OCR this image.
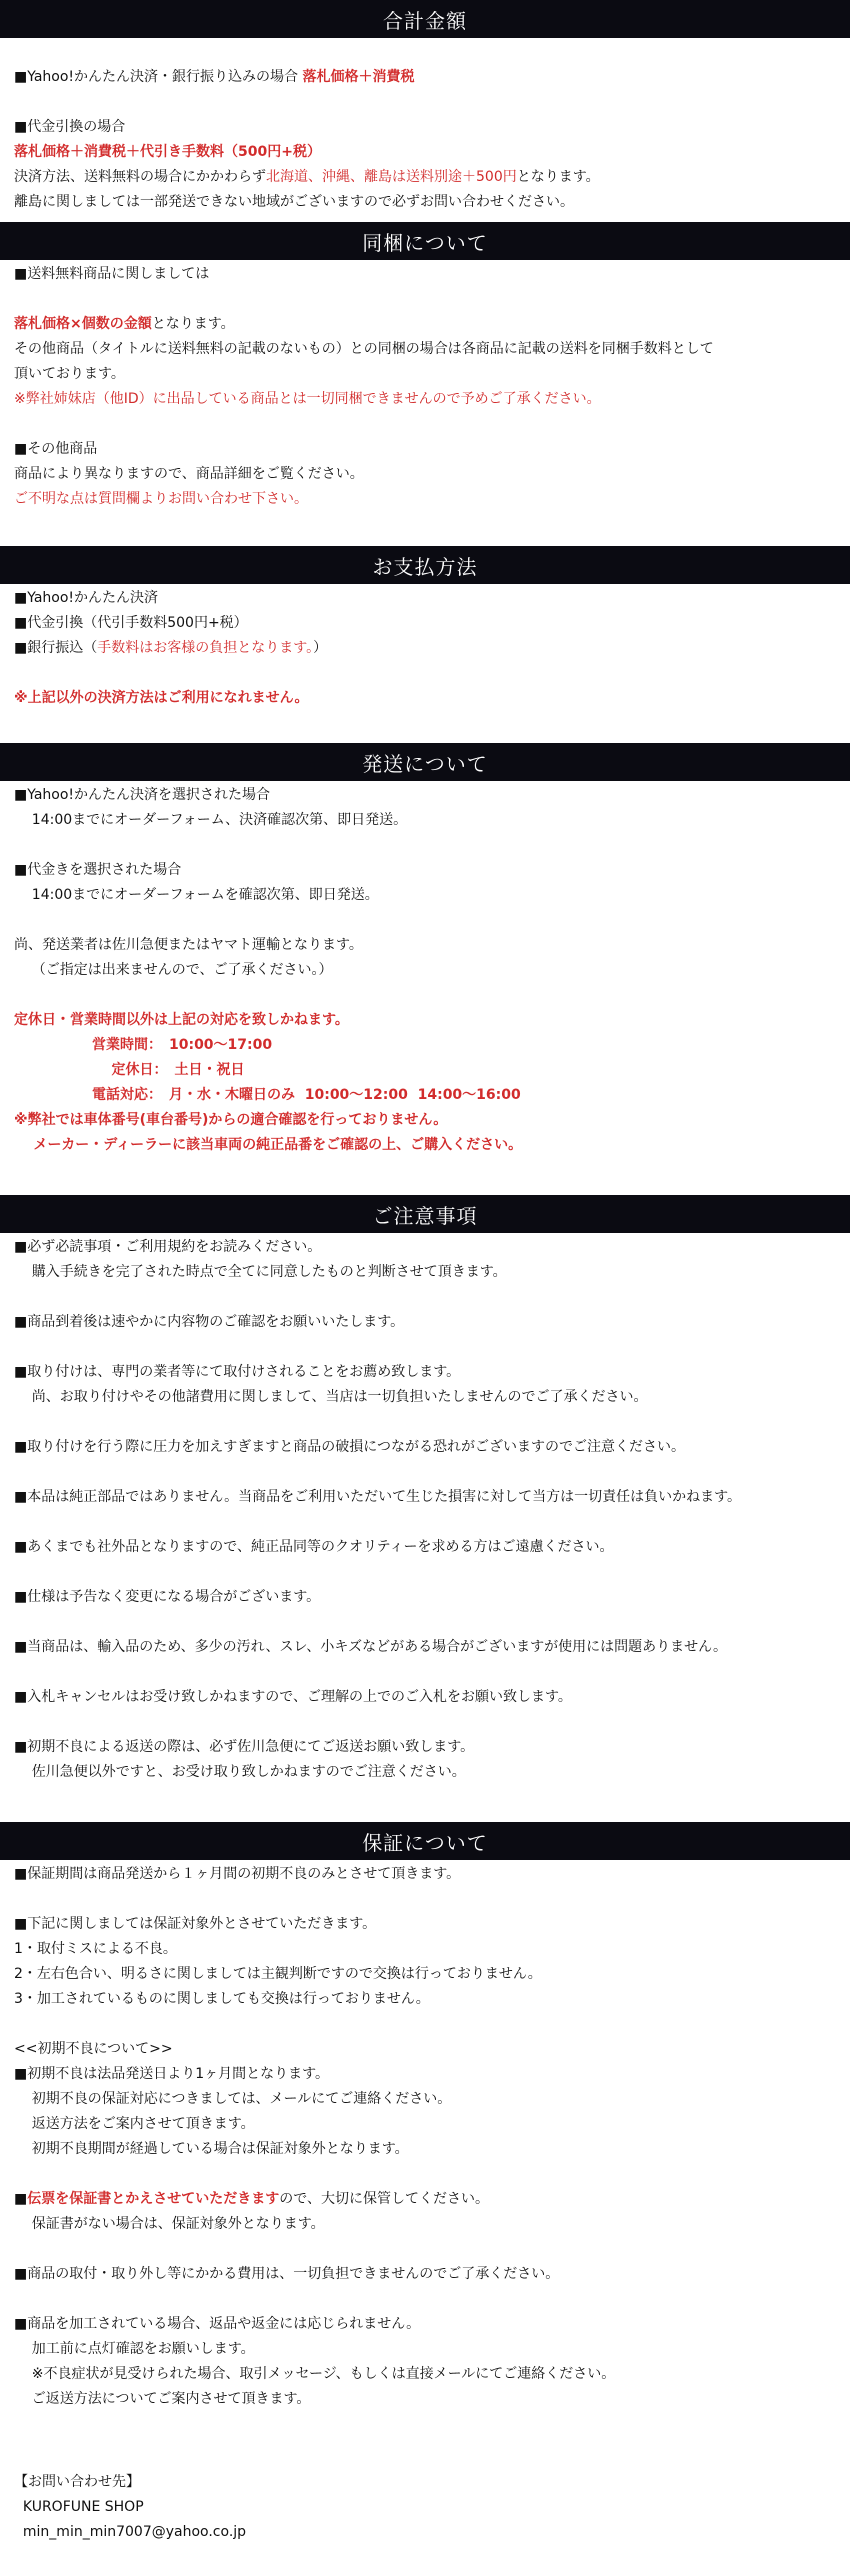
合計金額
■Yahoo!かんたん決済・銀行振り込みの場合 落札価格＋消費税
■代金引換の場合
落札価格＋消費税＋代引き手数料（500円+税）
決済方法、送料無料の場合にかかわらず北海道、沖縄、離島は送料別途＋500円となります。
離島に関しましては一部発送できない地域がございますので必ずお問い合わせください。
同梱について
■送料無料商品に関しましては
落札価格×個数の金額となります。
その他商品（タイトルに送料無料の記載のないもの）との同梱の場合は各商品に記載の送料を同梱手数料として
頂いております。
※弊社姉妹店（他ID）に出品している商品とは一切同梱できませんので予めご了承ください。
■その他商品
商品により異なりますので、商品詳細をご覧ください。
ご不明な点は質問欄よりお問い合わせ下さい。
お支払方法
■Yahoo!かんたん決済
■代金引換（代引手数料500円+税）
■銀行振込（手数料はお客様の負担となります。）
※上記以外の決済方法はご利用になれません。
発送について
■Yahoo!かんたん決済を選択された場合
14:00までにオーダーフォーム、決済確認次第、即日発送。
■代金きを選択された場合
14:00までにオーダーフォームを確認次第、即日発送。
尚、発送業者は佐川急便またはヤマト運輸となります。
（ご指定は出来ませんので、ご了承ください。）
定休日・営業時間以外は上記の対応を致しかねます。
営業時間：　10:00～17:00
定休日：　土日・祝日
電話対応：　月・水・木曜日のみ  10:00～12:00  14:00～16:00
※弊社では車体番号(車台番号)からの適合確認を行っておりません。
メーカー・ディーラーに該当車両の純正品番をご確認の上、ご購入ください。
ご注意事項
■必ず必読事項・ご利用規約をお読みください。
購入手続きを完了された時点で全てに同意したものと判断させて頂きます。
■商品到着後は速やかに内容物のご確認をお願いいたします。
■取り付けは、専門の業者等にて取付けされることをお薦め致します。
尚、お取り付けやその他諸費用に関しまして、当店は一切負担いたしませんのでご了承ください。
■取り付けを行う際に圧力を加えすぎますと商品の破損につながる恐れがございますのでご注意ください。
■本品は純正部品ではありません。当商品をご利用いただいて生じた損害に対して当方は一切責任は負いかねます。
■あくまでも社外品となりますので、純正品同等のクオリティーを求める方はご遠慮ください。
■仕様は予告なく変更になる場合がございます。
■当商品は、輸入品のため、多少の汚れ、スレ、小キズなどがある場合がございますが使用には問題ありません。
■入札キャンセルはお受け致しかねますので、ご理解の上でのご入札をお願い致します。
■初期不良による返送の際は、必ず佐川急便にてご返送お願い致します。
佐川急便以外ですと、お受け取り致しかねますのでご注意ください。
保証について
■保証期間は商品発送から１ヶ月間の初期不良のみとさせて頂きます。
■下記に関しましては保証対象外とさせていただきます。
1・取付ミスによる不良。
2・左右色合い、明るさに関しましては主観判断ですので交換は行っておりません。
3・加工されているものに関しましても交換は行っておりません。
<<初期不良について>>
■初期不良は法品発送日より1ヶ月間となります。
初期不良の保証対応につきましては、メールにてご連絡ください。
返送方法をご案内させて頂きます。
初期不良期間が経過している場合は保証対象外となります。
■伝票を保証書とかえさせていただきますので、大切に保管してください。
保証書がない場合は、保証対象外となります。
■商品の取付・取り外し等にかかる費用は、一切負担できませんのでご了承ください。
■商品を加工されている場合、返品や返金には応じられません。
加工前に点灯確認をお願いします。
※不良症状が見受けられた場合、取引メッセージ、もしくは直接メールにてご連絡ください。
ご返送方法についてご案内させて頂きます。
【お問い合わせ先】
KUROFUNE SHOP
min_min_min7007@yahoo.co.jp
